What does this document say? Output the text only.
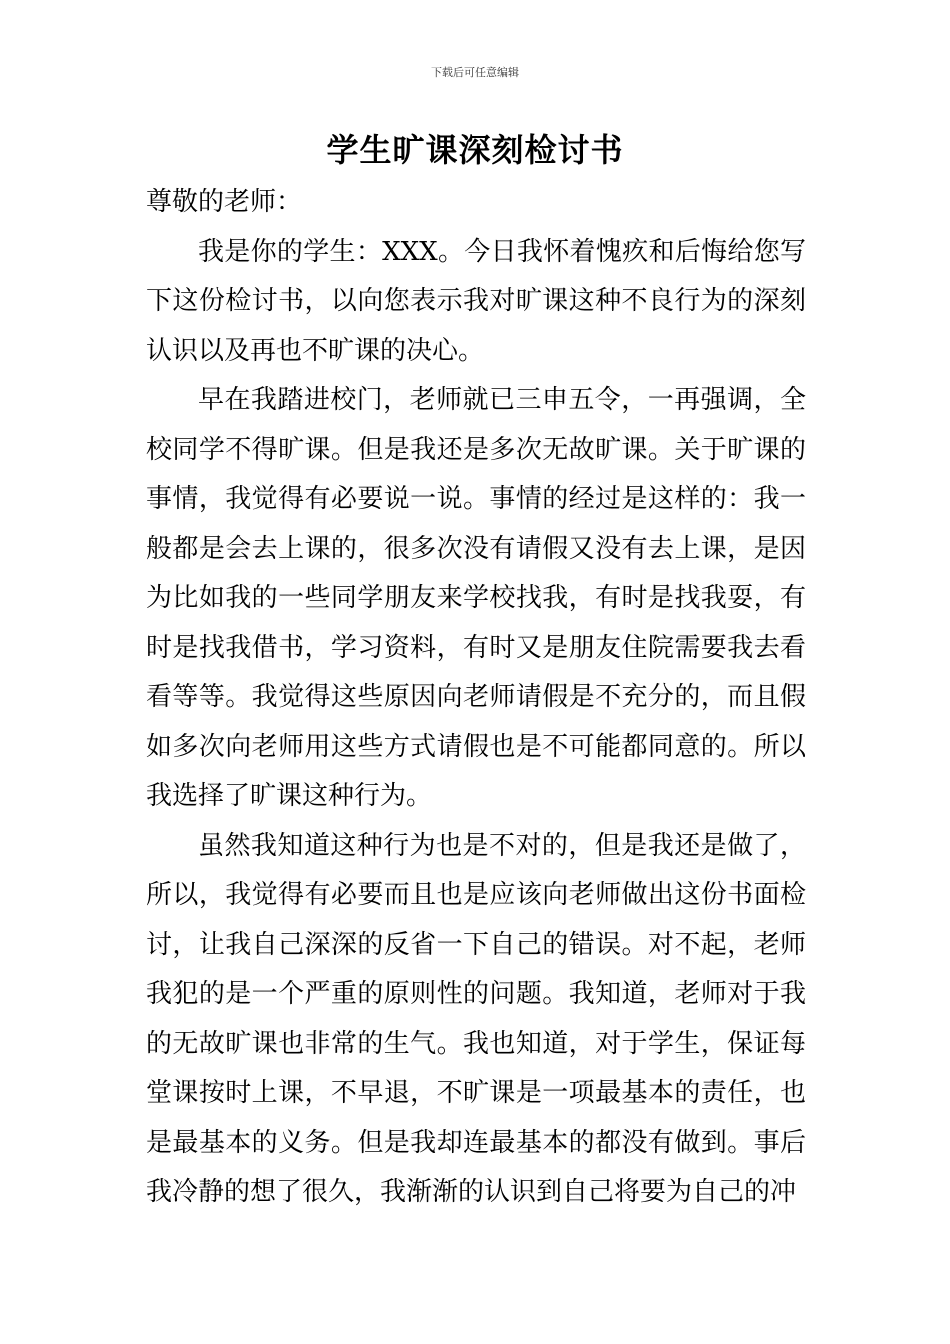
下载后可任意编辑
学生旷课深刻检讨书

尊敬的老师：

我是你的学生：XXX。今日我怀着愧疚和后悔给您写下这份检讨书，以向您表示我对旷课这种不良行为的深刻认识以及再也不旷课的决心。

早在我踏进校门，老师就已三申五令，一再强调，全校同学不得旷课。但是我还是多次无故旷课。关于旷课的事情，我觉得有必要说一说。事情的经过是这样的：我一般都是会去上课的，很多次没有请假又没有去上课，是因为比如我的一些同学朋友来学校找我，有时是找我耍，有时是找我借书，学习资料，有时又是朋友住院需要我去看看等等。我觉得这些原因向老师请假是不充分的，而且假如多次向老师用这些方式请假也是不可能都同意的。所以我选择了旷课这种行为。

虽然我知道这种行为也是不对的，但是我还是做了，所以，我觉得有必要而且也是应该向老师做出这份书面检讨，让我自己深深的反省一下自己的错误。对不起，老师我犯的是一个严重的原则性的问题。我知道，老师对于我的无故旷课也非常的生气。我也知道，对于学生，保证每堂课按时上课，不早退，不旷课是一项最基本的责任，也是最基本的义务。但是我却连最基本的都没有做到。事后我冷静的想了很久，我渐渐的认识到自己将要为自己的冲
